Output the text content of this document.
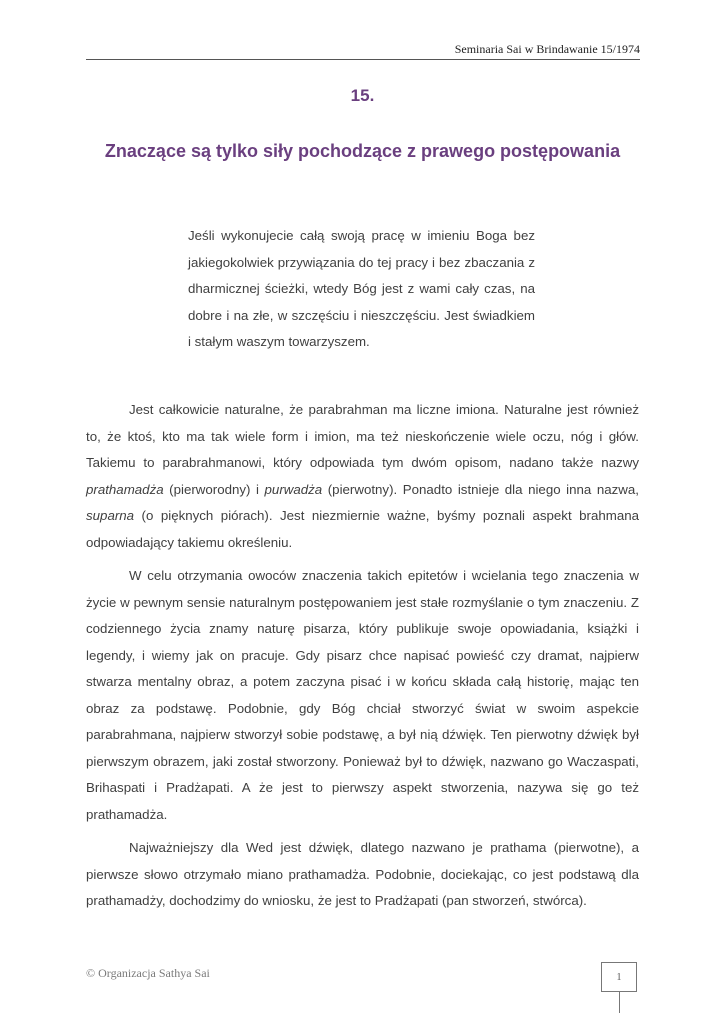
Seminaria Sai w Brindawanie 15/1974
15.
Znaczące są tylko siły pochodzące z prawego postępowania
Jeśli wykonujecie całą swoją pracę w imieniu Boga bez jakiegokolwiek przywiązania do tej pracy i bez zbaczania z dharmicznej ścieżki, wtedy Bóg jest z wami cały czas, na dobre i na złe, w szczęściu i nieszczęściu. Jest świadkiem i stałym waszym towarzyszem.

Jest całkowicie naturalne, że parabrahman ma liczne imiona. Naturalne jest również to, że ktoś, kto ma tak wiele form i imion, ma też nieskończenie wiele oczu, nóg i głów. Takiemu to parabrahmanowi, który odpowiada tym dwóm opisom, nadano także nazwy prathamadża (pierworodny) i purwadża (pierwotny). Ponadto istnieje dla niego inna nazwa, suparna (o pięknych piórach). Jest niezmiernie ważne, byśmy poznali aspekt brahmana odpowiadający takiemu określeniu.

W celu otrzymania owoców znaczenia takich epitetów i wcielania tego znaczenia w życie w pewnym sensie naturalnym postępowaniem jest stałe rozmyślanie o tym znaczeniu. Z codziennego życia znamy naturę pisarza, który publikuje swoje opowiadania, książki i legendy, i wiemy jak on pracuje. Gdy pisarz chce napisać powieść czy dramat, najpierw stwarza mentalny obraz, a potem zaczyna pisać i w końcu składa całą historię, mając ten obraz za podstawę. Podobnie, gdy Bóg chciał stworzyć świat w swoim aspekcie parabrahmana, najpierw stworzył sobie podstawę, a był nią dźwięk. Ten pierwotny dźwięk był pierwszym obrazem, jaki został stworzony. Ponieważ był to dźwięk, nazwano go Waczaspati, Brihaspati i Pradżapati. A że jest to pierwszy aspekt stworzenia, nazywa się go też prathamadża.

Najważniejszy dla Wed jest dźwięk, dlatego nazwano je prathama (pierwotne), a pierwsze słowo otrzymało miano prathamadża. Podobnie, dociekając, co jest podstawą dla prathamadży, dochodzimy do wniosku, że jest to Pradżapati (pan stworzeń, stwórca).

© Organizacja Sathya Sai	1
